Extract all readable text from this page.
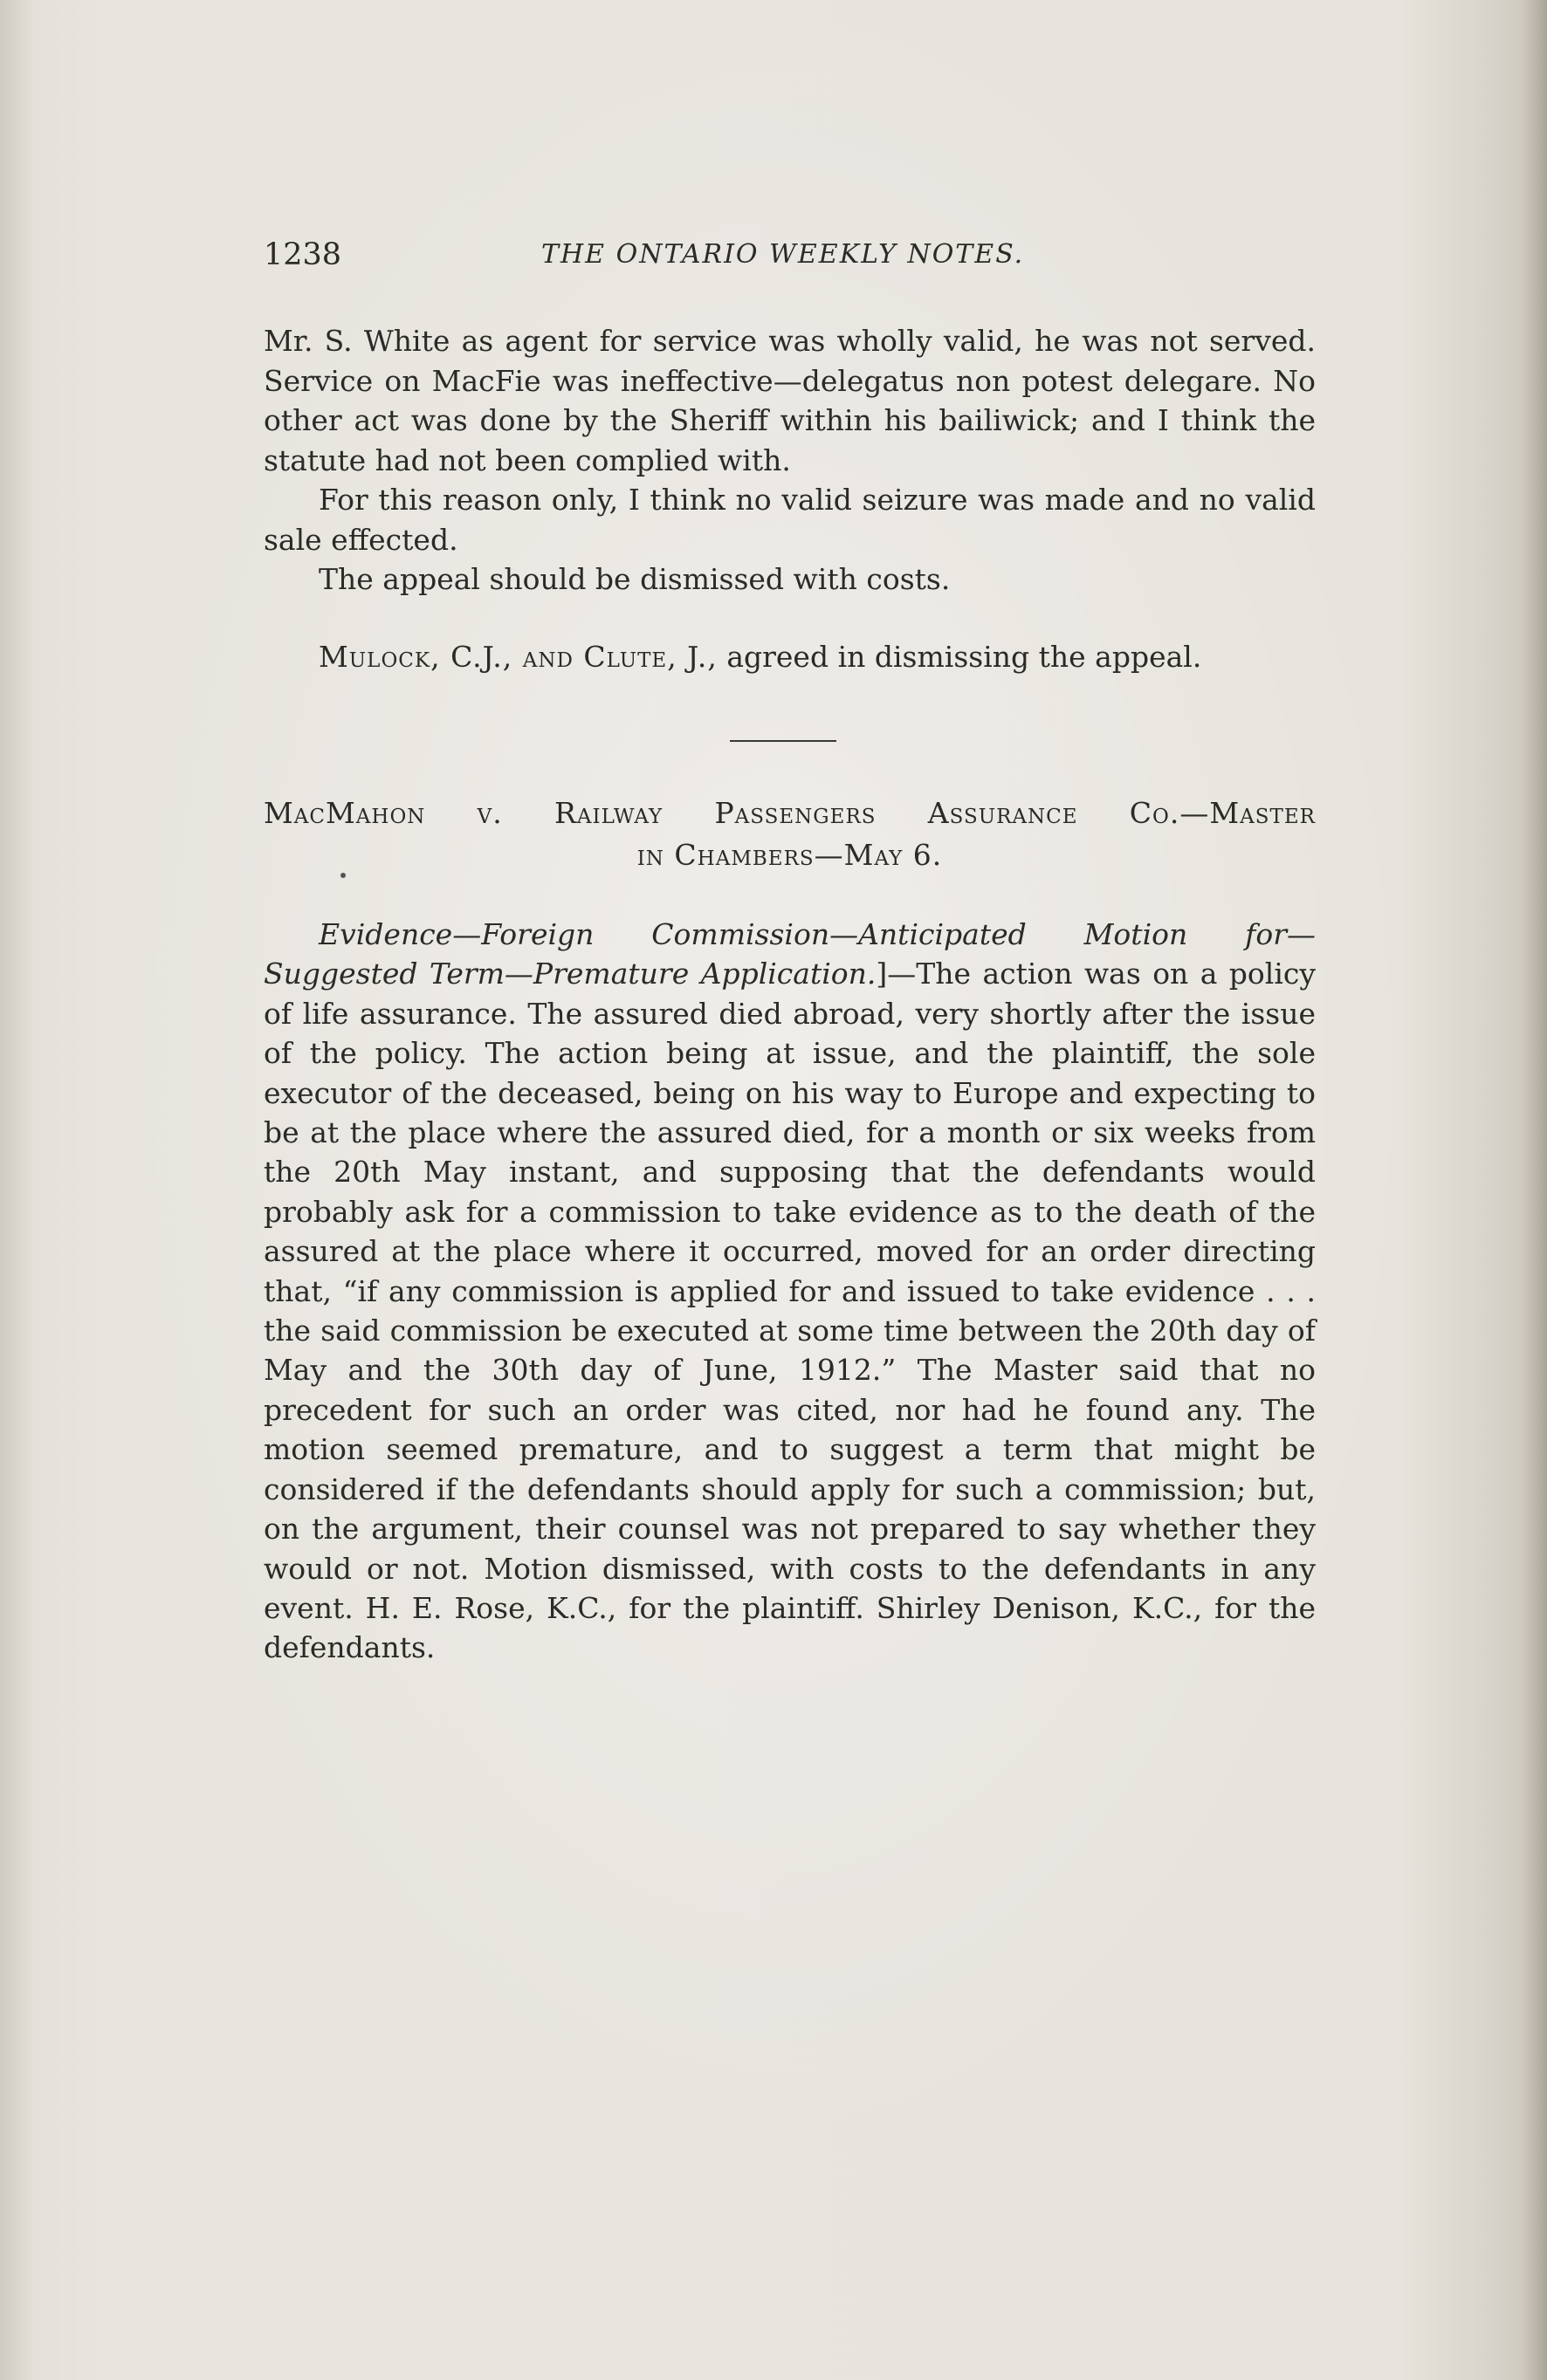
1238	THE ONTARIO WEEKLY NOTES.

Mr. S. White as agent for service was wholly valid, he was not served. Service on MacFie was ineffective—delegatus non potest delegare. No other act was done by the Sheriff within his bailiwick; and I think the statute had not been complied with.

For this reason only, I think no valid seizure was made and no valid sale effected.

The appeal should be dismissed with costs.

Mulock, C.J., and Clute, J., agreed in dismissing the appeal.

MacMahon v. Railway Passengers Assurance Co.—Master
in Chambers—May 6.

Evidence—Foreign Commission—Anticipated Motion for—Suggested Term—Premature Application.]—The action was on a policy of life assurance. The assured died abroad, very shortly after the issue of the policy. The action being at issue, and the plaintiff, the sole executor of the deceased, being on his way to Europe and expecting to be at the place where the assured died, for a month or six weeks from the 20th May instant, and supposing that the defendants would probably ask for a commission to take evidence as to the death of the assured at the place where it occurred, moved for an order directing that, “if any commission is applied for and issued to take evidence . . . the said commission be executed at some time between the 20th day of May and the 30th day of June, 1912.” The Master said that no precedent for such an order was cited, nor had he found any. The motion seemed premature, and to suggest a term that might be considered if the defendants should apply for such a commission; but, on the argument, their counsel was not prepared to say whether they would or not. Motion dismissed, with costs to the defendants in any event. H. E. Rose, K.C., for the plaintiff. Shirley Denison, K.C., for the defendants.
